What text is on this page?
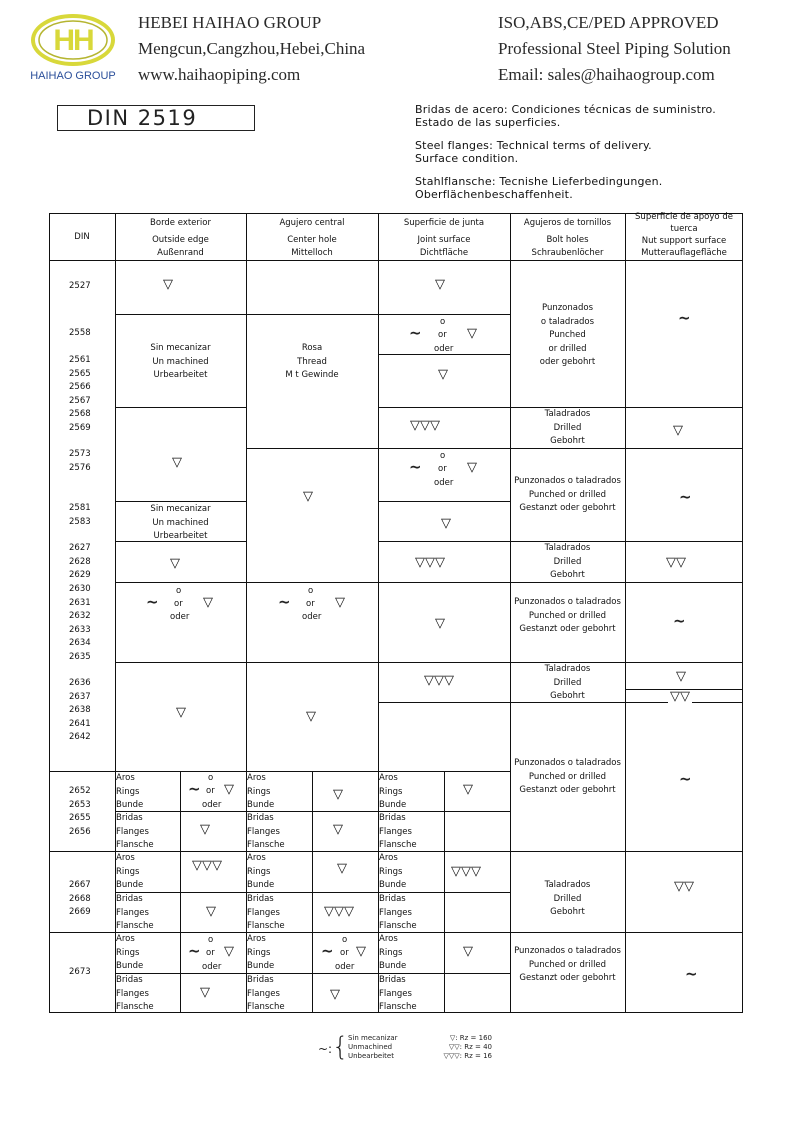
HH
HAIHAO GROUP
HEBEI HAIHAO GROUP
Mengcun,Cangzhou,Hebei,China
www.haihaopiping.com
ISO,ABS,CE/PED APPROVED
Professional Steel Piping Solution
Email: sales@haihaogroup.com
DIN 2519	Bridas de acero: Condiciones técnicas de suministro.
Estado de las superficies.
Steel flanges: Technical terms of delivery.
Surface condition.
Stahlflansche: Tecnishe Lieferbedingungen.
Oberflächenbeschaffenheit.
DIN
Borde exterior
Outside edge
Außenrand
Agujero central
Center hole
Mittelloch
Superficie de junta
Joint surface
Dichtfläche
Agujeros de tornillos
Bolt holes
Schraubenlöcher
Superficie de apoyo de
tuerca
Nut support surface
Mutterauflagefläche
2527
2558
2561
2565
2566
2567
2568
2569
2573
2576
2581
2583
2627
2628
2629
2630
2631
2632
2633
2634
2635
2636
2637
2638
2641
2642
2652
2653
2655
2656
2667
2668
2669
2673
▽
Sin mecanizar
Un machined
Urbearbeitet
▽
Sin mecanizar
Un machined
Urbearbeitet
▽
o
~ or ▽
oder
▽
Rosa
Thread
M t Gewinde
▽
o
~ or ▽
oder
▽
▽
o
~ or ▽
oder
▽
▽▽▽
o
~ or ▽
oder
▽
▽▽▽
▽
▽▽▽
Punzonados
o taladrados
Punched
or drilled
oder gebohrt
Taladrados
Drilled
Gebohrt
Punzonados o taladrados
Punched or drilled
Gestanzt oder gebohrt
Taladrados
Drilled
Gebohrt
Punzonados o taladrados
Punched or drilled
Gestanzt oder gebohrt
Taladrados
Drilled
Gebohrt
Punzonados o taladrados
Punched or drilled
Gestanzt oder gebohrt
Taladrados
Drilled
Gebohrt
Punzonados o taladrados
Punched or drilled
Gestanzt oder gebohrt
~
▽
~
▽▽
~
▽
▽▽
~
▽▽
~
Aros
Rings
Bunde
Bridas
Flanges
Flansche
Aros
Rings
Bunde
Bridas
Flanges
Flansche
Aros
Rings
Bunde
Bridas
Flanges
Flansche
Aros
Rings
Bunde
Bridas
Flanges
Flansche
Aros
Rings
Bunde
Bridas
Flanges
Flansche
Aros
Rings
Bunde
Bridas
Flanges
Flansche
Aros
Rings
Bunde
Bridas
Flanges
Flansche
Aros
Rings
Bunde
Bridas
Flanges
Flansche
Aros
Rings
Bunde
Bridas
Flanges
Flansche
o
~ or ▽
oder
▽
▽▽▽
▽
o
~ or ▽
oder
▽
▽
▽
▽
▽▽▽
o
~ or ▽
oder
▽
▽
▽▽▽
▽
~: { Sin mecanizar
Unmachined
Unbearbeitet
▽: Rz = 160
▽▽: Rz = 40
▽▽▽: Rz = 16
